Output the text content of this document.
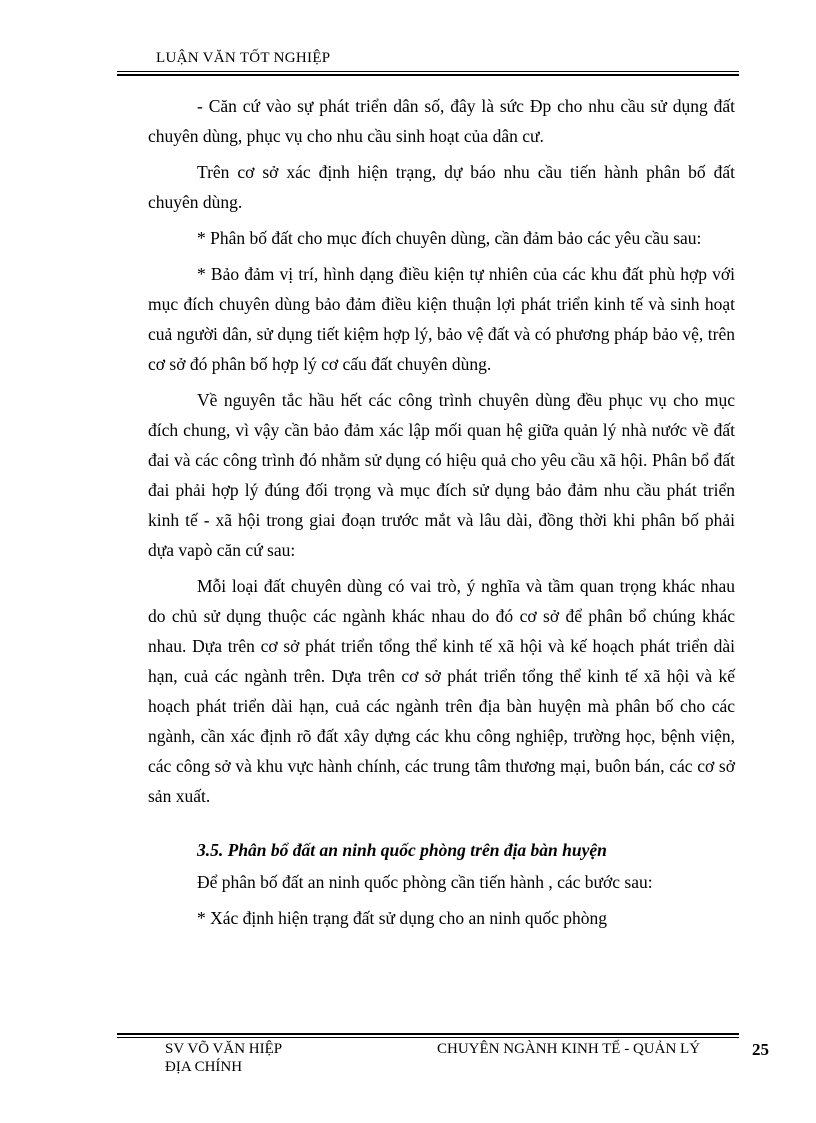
LUẬN VĂN TỐT NGHIỆP

- Căn cứ vào sự phát triển dân số, đây là sức Đp cho nhu cầu sử dụng đất chuyên dùng, phục vụ cho nhu cầu sinh hoạt của dân cư.

Trên cơ sở xác định hiện trạng, dự báo nhu cầu tiến hành phân bố đất chuyên dùng.

* Phân bố đất cho mục đích chuyên dùng, cần đảm bảo các yêu cầu sau:

* Bảo đảm vị trí, hình dạng điều kiện tự nhiên của các khu đất phù hợp với mục đích chuyên dùng bảo đảm điều kiện thuận lợi phát triển kinh tế và sinh hoạt cuả người dân, sử dụng tiết kiệm hợp lý, bảo vệ đất và có phương pháp bảo vệ, trên cơ sở đó phân bố hợp lý cơ cấu đất chuyên dùng.

Về nguyên tắc hầu hết các công trình chuyên dùng đều phục vụ cho mục đích chung, vì vậy cần bảo đảm xác lập mối quan hệ giữa quản lý nhà nước về đất đai và các công trình đó nhằm sử dụng có hiệu quả cho yêu cầu xã hội. Phân bổ đất đai phải hợp lý đúng đối trọng và mục đích sử dụng bảo đảm nhu cầu phát triển kinh tế - xã hội trong giai đoạn trước mắt và lâu dài, đồng thời khi phân bố phải dựa vapò căn cứ sau:

Mỗi loại đất chuyên dùng có vai trò, ý nghĩa và tầm quan trọng khác nhau do chủ sử dụng thuộc các ngành khác nhau do đó cơ sở để phân bổ chúng khác nhau. Dựa trên cơ sở phát triển tổng thể kinh tế xã hội và kế hoạch phát triển dài hạn, cuả các ngành trên. Dựa trên cơ sở phát triển tổng thể kinh tế xã hội và kế hoạch phát triển dài hạn, cuả các ngành trên địa bàn huyện mà phân bố cho các ngành, cần xác định rõ đất xây dựng các khu công nghiệp, trường học, bệnh viện, các công sở và khu vực hành chính, các trung tâm thương mại, buôn bán, các cơ sở sản xuất.

3.5. Phân bổ đất an ninh quốc phòng trên địa bàn huyện

Để phân bố đất an ninh quốc phòng cần tiến hành , các bước sau:

* Xác định hiện trạng đất sử dụng cho an ninh quốc phòng

SV VÕ VĂN HIỆP
ĐỊA CHÍNH
CHUYÊN NGÀNH KINH TẾ - QUẢN LÝ	25
